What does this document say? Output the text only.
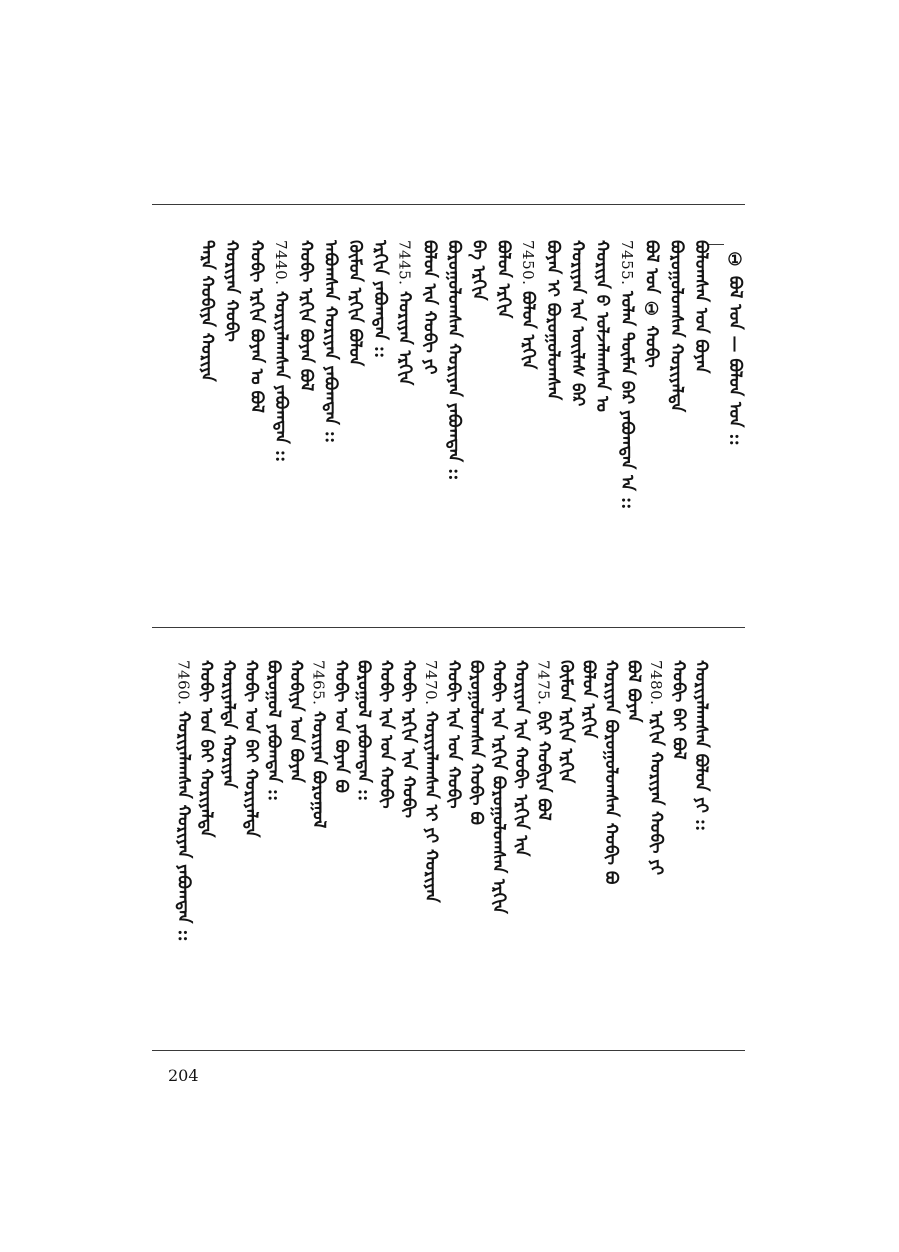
① ᠪᠣᠯ ᠤᠨ — ᠪᠣᠯᠤᠨ ᠤᠨ ::
ᠪᠣᠯᠤᠭᠰᠠᠨ ᠤᠨ ᠪᠣᠶᠠᠨ
ᠪᠣᠷᠤᠭᠤᠯᠤᠭᠰᠠᠨ ᠬᠤᠷᠢᠶᠠᠯᠲᠠ
ᠪᠣᠯ ᠤᠨ ① ᠬᠤᠪᠢ
7455.
ᠣᠯᠠᠨ ᠲᠦᠮᠡᠨ ᠪᠡᠷ ᠶᠠᠪᠤᠭᠳᠠᠨ ᠠ ::
ᠬᠤᠷᠢᠶᠠ ᠪ ᠣᠯᠵᠠᠯᠠᠭᠰᠠᠨ ᠤ
ᠬᠤᠷᠢᠶᠠᠨ ᠢᠨ ᠦᠢᠯᠡᠰ ᠪᠡᠷ
ᠪᠣᠶᠠᠨ ᠢ ᠪᠣᠷᠤᠭᠤᠯᠤᠭᠰᠠᠨ
7450.
ᠪᠣᠯᠤᠨ ᠡᠷᠬᠢᠨ
ᠪᠣᠯᠤᠨ ᠡᠷᠬᠢᠨ
ᠪᠠ ᠡᠷᠬᠢᠨ
ᠪᠣᠷᠤᠭᠤᠯᠤᠭᠰᠠᠨ ᠬᠤᠷᠢᠶᠠᠨ ᠶᠠᠪᠤᠭᠳᠠᠨ ::
ᠪᠣᠯᠤᠨ ᠢᠨ ᠬᠤᠪᠢ ᠶᠢ
7445.
ᠬᠤᠷᠢᠶᠠᠨ ᠡᠷᠬᠢᠨ
ᠡᠷᠬᠢᠨ ᠶᠠᠪᠤᠭᠳᠠᠨ ::
ᠬᠦᠮᠦᠨ ᠡᠷᠬᠢᠨ ᠪᠣᠯᠤᠨ
ᠠᠪᠤᠭᠰᠠᠨ ᠬᠤᠷᠢᠶᠠᠨ ᠶᠠᠪᠤᠭᠳᠠᠨ ::
ᠬᠤᠪᠢ ᠡᠷᠬᠢᠨ ᠪᠣᠶᠠᠨ ᠪᠣᠯ
7440.
ᠬᠤᠷᠢᠶᠠᠯᠠᠭᠰᠠᠨ ᠶᠠᠪᠤᠭᠳᠠᠨ ::
ᠬᠤᠪᠢ ᠡᠷᠬᠢᠨ ᠪᠣᠶᠠᠨ ᠤ ᠪᠣᠯ
ᠬᠤᠷᠢᠶᠠᠨ ᠬᠤᠪᠢ
ᠲᠡᠷᠡ ᠬᠤᠪᠢᠶᠠ ᠬᠤᠷᠢᠶᠠ
ᠬᠤᠷᠢᠶᠠᠯᠠᠭᠰᠠᠨ ᠪᠣᠯᠤᠨ ᠶᠢ ::
ᠬᠤᠪᠢ ᠪᠠᠢ ᠪᠣᠯ
7480.
ᠡᠷᠬᠢᠨ ᠬᠤᠷᠢᠶᠠᠨ ᠬᠤᠪᠢ ᠶᠢ
ᠪᠣᠯ ᠪᠣᠶᠠᠨ
ᠬᠤᠷᠢᠶᠠᠨ ᠪᠣᠷᠤᠭᠤᠯᠤᠭᠰᠠᠨ ᠬᠤᠪᠢ ᠪᠣ
ᠪᠣᠯᠤᠨ ᠡᠷᠬᠢᠨ
ᠬᠦᠮᠦᠨ ᠡᠷᠬᠢᠨ ᠡᠷᠬᠢᠨ
7475.
ᠪᠢᠷ ᠬᠤᠪᠢᠶᠠ ᠪᠣᠯ
ᠬᠤᠷᠢᠶᠠᠨ ᠢᠨ ᠬᠤᠪᠢ ᠡᠷᠬᠢᠨ ᠢᠨ
ᠬᠤᠪᠢ ᠢᠨ ᠡᠷᠬᠢᠨ ᠪᠣᠷᠤᠭᠤᠯᠤᠭᠰᠠᠨ ᠡᠷᠬᠢᠨ
ᠪᠣᠷᠤᠭᠤᠯᠤᠭᠰᠠᠨ ᠬᠤᠪᠢ ᠪᠣ
ᠬᠤᠪᠢ ᠢᠨ ᠤᠨ ᠬᠤᠪᠢ
7470.
ᠬᠤᠷᠢᠶᠠᠯᠠᠭᠰᠠᠨ ᠢ ᠶᠢ ᠬᠤᠷᠢᠶᠠᠨ
ᠬᠤᠪᠢ ᠡᠷᠬᠢᠨ ᠢᠨ ᠬᠤᠪᠢ
ᠬᠤᠪᠢ ᠢᠨ ᠤᠨ ᠬᠤᠪᠢ
ᠪᠣᠷᠤᠭᠤᠯ ᠶᠠᠪᠤᠭᠳᠠᠨ ::
ᠬᠤᠪᠢ ᠤᠨ ᠪᠣᠶᠠᠨ ᠪᠣ
7465.
ᠬᠤᠷᠢᠶᠠᠨ ᠪᠣᠷᠤᠭᠤᠯ
ᠬᠤᠪᠢᠶᠠ ᠤᠨ ᠪᠣᠶᠠᠨ
ᠪᠣᠷᠤᠭᠤᠯ ᠶᠠᠪᠤᠭᠳᠠᠨ ::
ᠬᠤᠪᠢ ᠤᠨ ᠪᠠᠢ ᠬᠤᠷᠢᠶᠠᠯᠲᠠ
ᠬᠤᠷᠢᠶᠠᠯᠲᠠ ᠬᠤᠷᠢᠶᠠᠨ
ᠬᠤᠪᠢ ᠤᠨ ᠪᠠᠢ ᠬᠤᠷᠢᠶᠠᠯᠲᠠ
7460.
ᠬᠤᠷᠢᠶᠠᠯᠠᠭᠰᠠᠨ ᠬᠤᠷᠢᠶᠠᠨ ᠶᠠᠪᠤᠭᠳᠠᠨ ::
204
